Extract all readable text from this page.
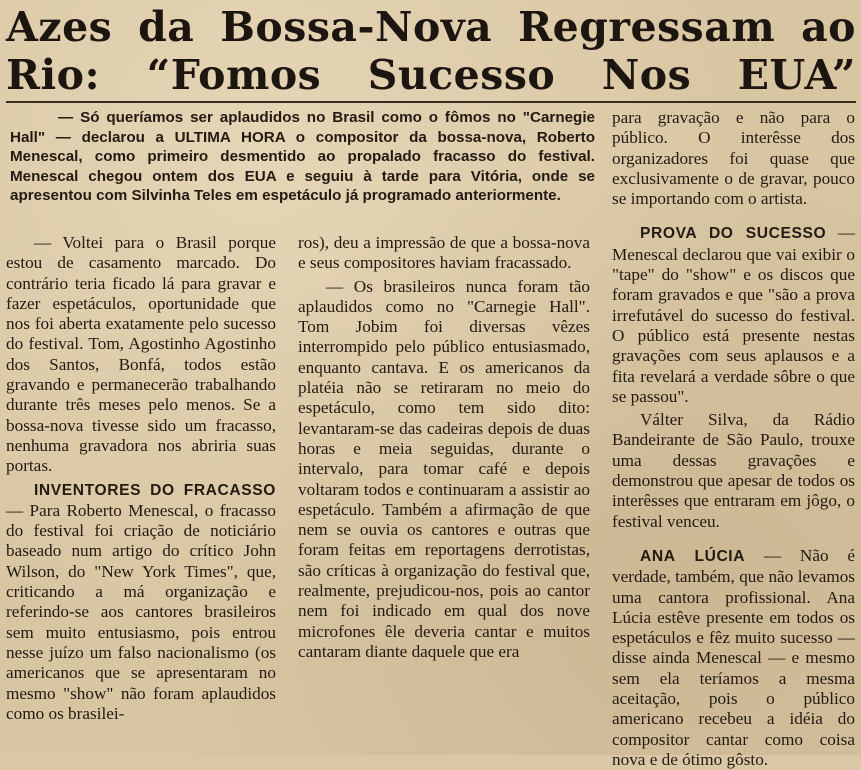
Azes da Bossa-Nova Regressam ao
Rio: “Fomos Sucesso Nos EUA”

— Só queríamos ser aplaudidos no Brasil como o fômos no "Carnegie Hall" — declarou a ULTIMA HORA o compositor da bossa-nova, Roberto Menescal, como primeiro desmentido ao propalado fracasso do festival. Menescal chegou ontem dos EUA e seguiu à tarde para Vitória, onde se apresentou com Silvinha Teles em espetáculo já programado anteriormente.

— Voltei para o Brasil porque estou de casamento marcado. Do contrário teria ficado lá para gravar e fazer espetáculos, oportunidade que nos foi aberta exatamente pelo sucesso do festival. Tom, Agostinho Agostinho dos Santos, Bonfá, todos estão gravando e permanecerão trabalhando durante três meses pelo menos. Se a bossa-nova tivesse sido um fracasso, nenhuma gravadora nos abriria suas portas.

INVENTORES DO FRACASSO — Para Roberto Menescal, o fracasso do festival foi criação de noticiário baseado num artigo do crítico John Wilson, do "New York Times", que, criticando a má organização e referindo-se aos cantores brasileiros sem muito entusiasmo, pois entrou nesse juízo um falso nacionalismo (os americanos que se apresentaram no mesmo "show" não foram aplaudidos como os brasilei-

ros), deu a impressão de que a bossa-nova e seus compositores haviam fracassado.

— Os brasileiros nunca foram tão aplaudidos como no "Carnegie Hall". Tom Jobim foi diversas vêzes interrompido pelo público entusiasmado, enquanto cantava. E os americanos da platéia não se retiraram no meio do espetáculo, como tem sido dito: levantaram-se das cadeiras depois de duas horas e meia seguidas, durante o intervalo, para tomar café e depois voltaram todos e continuaram a assistir ao espetáculo. Também a afirmação de que nem se ouvia os cantores e outras que foram feitas em reportagens derrotistas, são críticas à organização do festival que, realmente, prejudicou-nos, pois ao cantor nem foi indicado em qual dos nove microfones êle deveria cantar e muitos cantaram diante daquele que era

para gravação e não para o público. O interêsse dos organizadores foi quase que exclusivamente o de gravar, pouco se importando com o artista.

PROVA DO SUCESSO — Menescal declarou que vai exibir o "tape" do "show" e os discos que foram gravados e que "são a prova irrefutável do sucesso do festival. O público está presente nestas gravações com seus aplausos e a fita revelará a verdade sôbre o que se passou".

Válter Silva, da Rádio Bandeirante de São Paulo, trouxe uma dessas gravações e demonstrou que apesar de todos os interêsses que entraram em jôgo, o festival venceu.

ANA LÚCIA — Não é verdade, também, que não levamos uma cantora profissional. Ana Lúcia estêve presente em todos os espetáculos e fêz muito sucesso — disse ainda Menescal — e mesmo sem ela teríamos a mesma aceitação, pois o público americano recebeu a idéia do compositor cantar como coisa nova e de ótimo gôsto.
